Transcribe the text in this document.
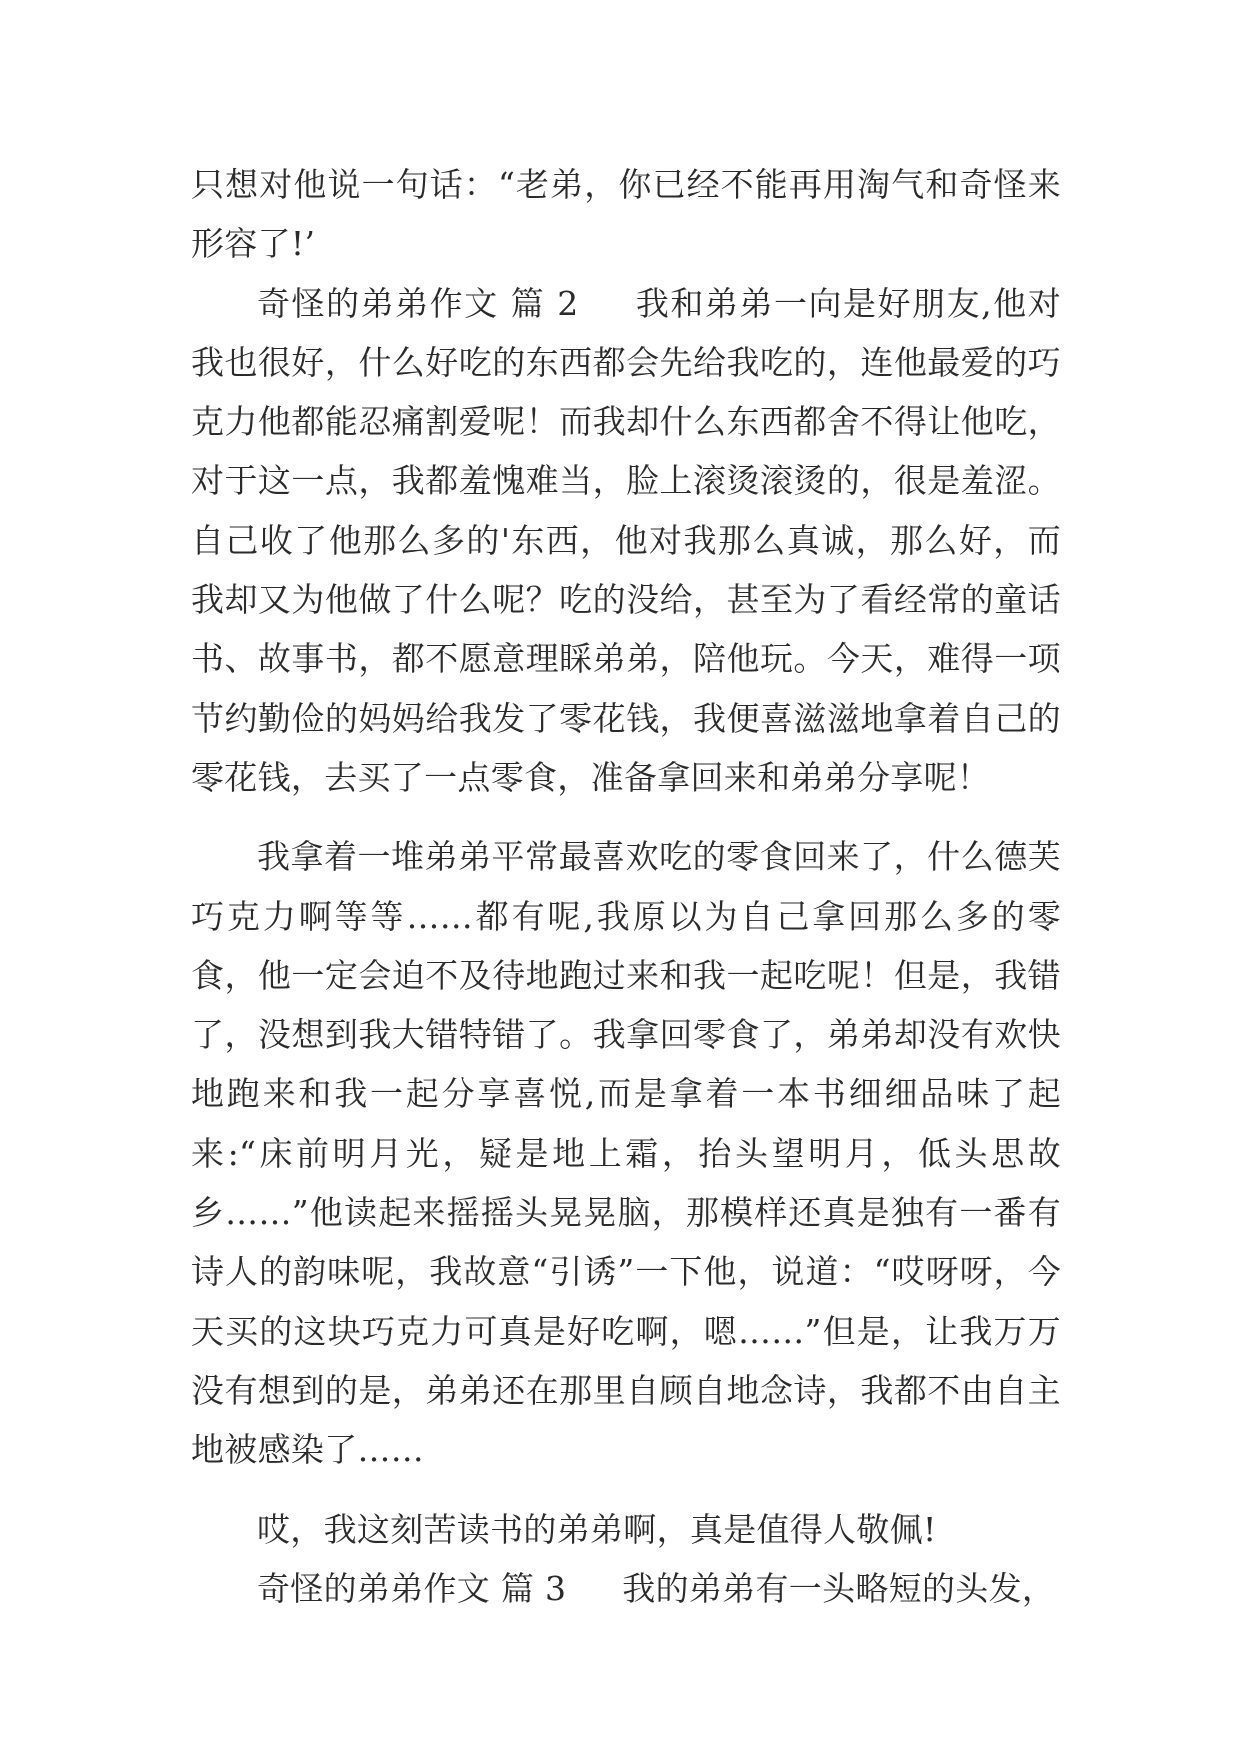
只想对他说一句话：“老弟，你已经不能再用淘气和奇怪来形容了!’

奇怪的弟弟作文 篇 2 我和弟弟一向是好朋友,他对我也很好，什么好吃的东西都会先给我吃的，连他最爱的巧克力他都能忍痛割爱呢！而我却什么东西都舍不得让他吃，对于这一点，我都羞愧难当，脸上滚烫滚烫的，很是羞涩。自己收了他那么多的'东西，他对我那么真诚，那么好，而我却又为他做了什么呢？吃的没给，甚至为了看经常的童话书、故事书，都不愿意理睬弟弟，陪他玩。今天，难得一项节约勤俭的妈妈给我发了零花钱，我便喜滋滋地拿着自己的零花钱，去买了一点零食，准备拿回来和弟弟分享呢！

我拿着一堆弟弟平常最喜欢吃的零食回来了，什么德芙巧克力啊等等……都有呢,我原以为自己拿回那么多的零食，他一定会迫不及待地跑过来和我一起吃呢！但是，我错了，没想到我大错特错了。我拿回零食了，弟弟却没有欢快地跑来和我一起分享喜悦,而是拿着一本书细细品味了起来:“床前明月光，疑是地上霜，抬头望明月，低头思故乡……”他读起来摇摇头晃晃脑，那模样还真是独有一番有诗人的韵味呢，我故意“引诱”一下他，说道：“哎呀呀，今天买的这块巧克力可真是好吃啊，嗯……”但是，让我万万没有想到的是，弟弟还在那里自顾自地念诗，我都不由自主地被感染了……

哎，我这刻苦读书的弟弟啊，真是值得人敬佩!

奇怪的弟弟作文 篇 3 我的弟弟有一头略短的头发，
